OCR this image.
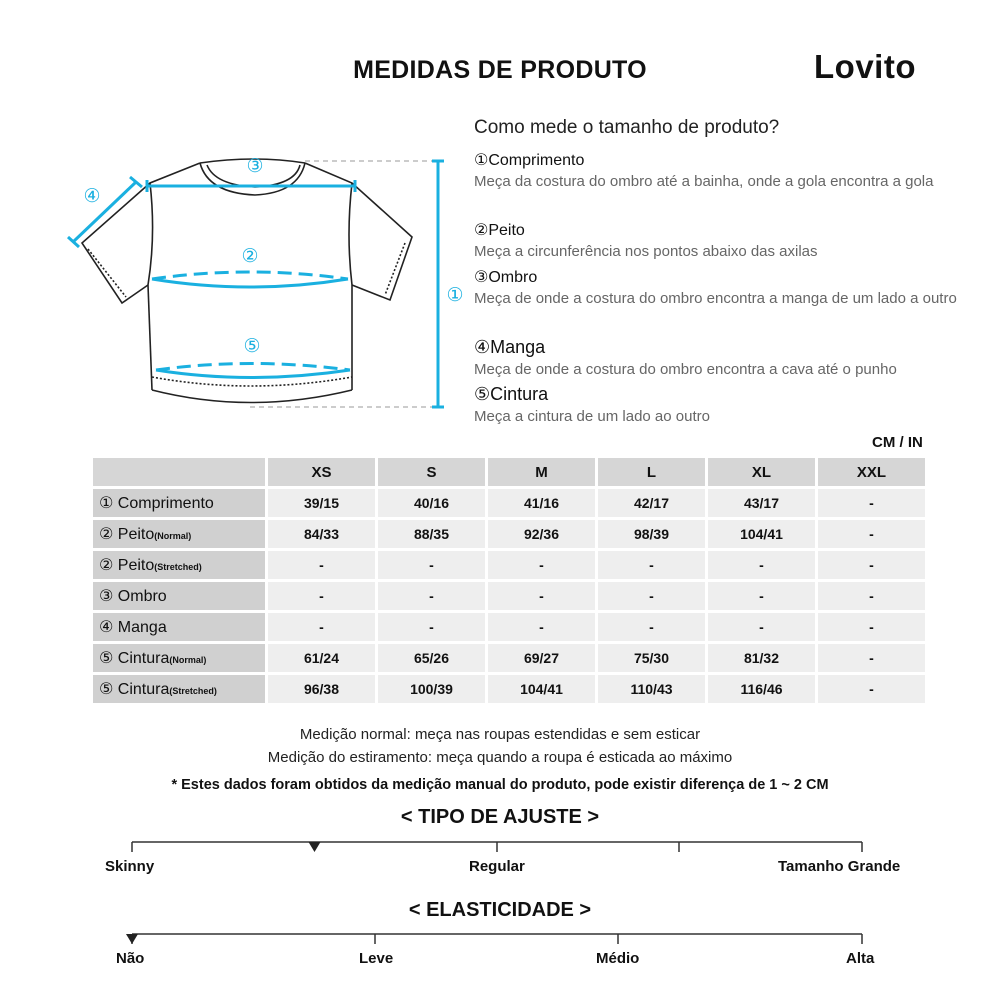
MEDIDAS DE PRODUTO	Lovito
①
②
③
④
⑤
Como mede o tamanho de produto?
①Comprimento
Meça da costura do ombro até a bainha, onde a gola encontra a gola
②Peito
Meça a circunferência nos pontos abaixo das axilas
③Ombro
Meça de onde a costura do ombro encontra a manga de um lado a outro
④Manga
Meça de onde a costura do ombro encontra a cava até o punho
⑤Cintura
Meça a cintura de um lado ao outro
CM / IN
	XS	S	M	L	XL	XXL
① Comprimento	39/15	40/16	41/16	42/17	43/17	-
② Peito(Normal)	84/33	88/35	92/36	98/39	104/41	-
② Peito(Stretched)	-	-	-	-	-	-
③ Ombro	-	-	-	-	-	-
④ Manga	-	-	-	-	-	-
⑤ Cintura(Normal)	61/24	65/26	69/27	75/30	81/32	-
⑤ Cintura(Stretched)	96/38	100/39	104/41	110/43	116/46	-
Medição normal: meça nas roupas estendidas e sem esticar
Medição do estiramento: meça quando a roupa é esticada ao máximo
* Estes dados foram obtidos da medição manual do produto, pode existir diferença de 1 ~ 2 CM
< TIPO DE AJUSTE >
Skinny	Regular	Tamanho Grande
< ELASTICIDADE >
Não	Leve	Médio	Alta
